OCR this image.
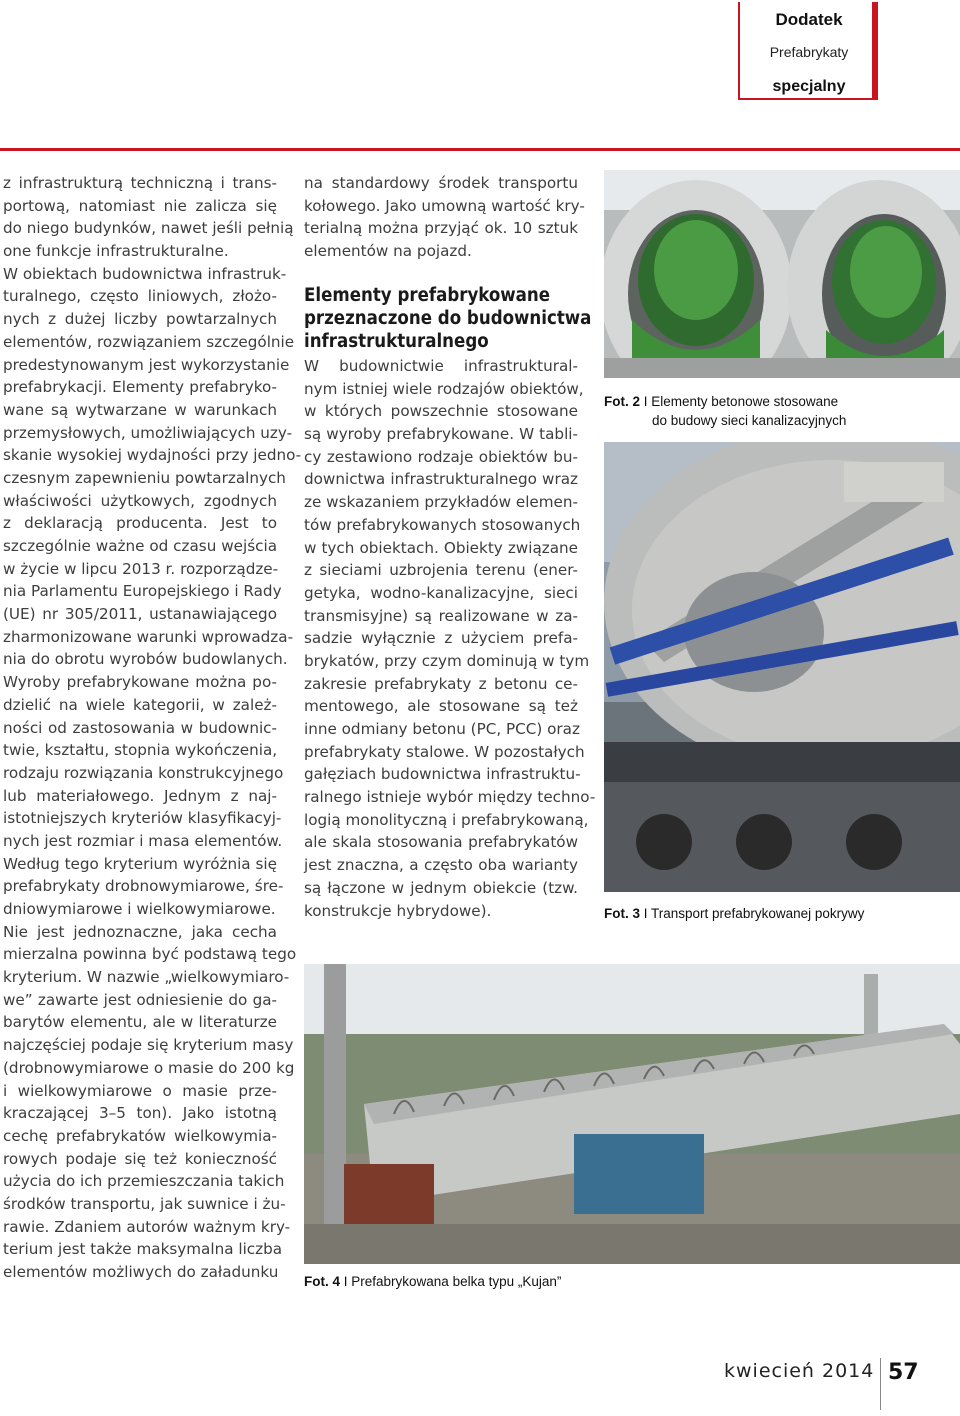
Dodatek
Prefabrykaty
specjalny
z infrastrukturą techniczną i trans-
portową, natomiast nie zalicza się
do niego budynków, nawet jeśli pełnią
one funkcje infrastrukturalne.
W obiektach budownictwa infrastruk-
turalnego, często liniowych, złożo-
nych z dużej liczby powtarzalnych
elementów, rozwiązaniem szczególnie
predestynowanym jest wykorzystanie
prefabrykacji. Elementy prefabryko-
wane są wytwarzane w warunkach
przemysłowych, umożliwiających uzy-
skanie wysokiej wydajności przy jedno-
czesnym zapewnieniu powtarzalnych
właściwości użytkowych, zgodnych
z deklaracją producenta. Jest to
szczególnie ważne od czasu wejścia
w życie w lipcu 2013 r. rozporządze-
nia Parlamentu Europejskiego i Rady
(UE) nr 305/2011, ustanawiającego
zharmonizowane warunki wprowadza-
nia do obrotu wyrobów budowlanych.
Wyroby prefabrykowane można po-
dzielić na wiele kategorii, w zależ-
ności od zastosowania w budownic-
twie, kształtu, stopnia wykończenia,
rodzaju rozwiązania konstrukcyjnego
lub materiałowego. Jednym z naj-
istotniejszych kryteriów klasyfikacyj-
nych jest rozmiar i masa elementów.
Według tego kryterium wyróżnia się
prefabrykaty drobnowymiarowe, śre-
dniowymiarowe i wielkowymiarowe.
Nie jest jednoznaczne, jaka cecha
mierzalna powinna być podstawą tego
kryterium. W nazwie „wielkowymiaro-
we” zawarte jest odniesienie do ga-
barytów elementu, ale w literaturze
najczęściej podaje się kryterium masy
(drobnowymiarowe o masie do 200 kg
i wielkowymiarowe o masie prze-
kraczającej 3–5 ton). Jako istotną
cechę prefabrykatów wielkowymia-
rowych podaje się też konieczność
użycia do ich przemieszczania takich
środków transportu, jak suwnice i żu-
rawie. Zdaniem autorów ważnym kry-
terium jest także maksymalna liczba
elementów możliwych do załadunku
na standardowy środek transportu
kołowego. Jako umowną wartość kry-
terialną można przyjąć ok. 10 sztuk
elementów na pojazd.
Elementy prefabrykowane
przeznaczone do budownictwa
infrastrukturalnego
W budownictwie infrastruktural-
nym istniej wiele rodzajów obiektów,
w których powszechnie stosowane
są wyroby prefabrykowane. W tabli-
cy zestawiono rodzaje obiektów bu-
downictwa infrastrukturalnego wraz
ze wskazaniem przykładów elemen-
tów prefabrykowanych stosowanych
w tych obiektach. Obiekty związane
z sieciami uzbrojenia terenu (ener-
getyka, wodno-kanalizacyjne, sieci
transmisyjne) są realizowane w za-
sadzie wyłącznie z użyciem prefa-
brykatów, przy czym dominują w tym
zakresie prefabrykaty z betonu ce-
mentowego, ale stosowane są też
inne odmiany betonu (PC, PCC) oraz
prefabrykaty stalowe. W pozostałych
gałęziach budownictwa infrastruktu-
ralnego istnieje wybór między techno-
logią monolityczną i prefabrykowaną,
ale skala stosowania prefabrykatów
jest znaczna, a często oba warianty
są łączone w jednym obiekcie (tzw.
konstrukcje hybrydowe).
Fot. 2 I Elementy betonowe stosowane
do budowy sieci kanalizacyjnych
Fot. 3 I Transport prefabrykowanej pokrywy
Fot. 4 I Prefabrykowana belka typu „Kujan”
kwiecień 2014 57
